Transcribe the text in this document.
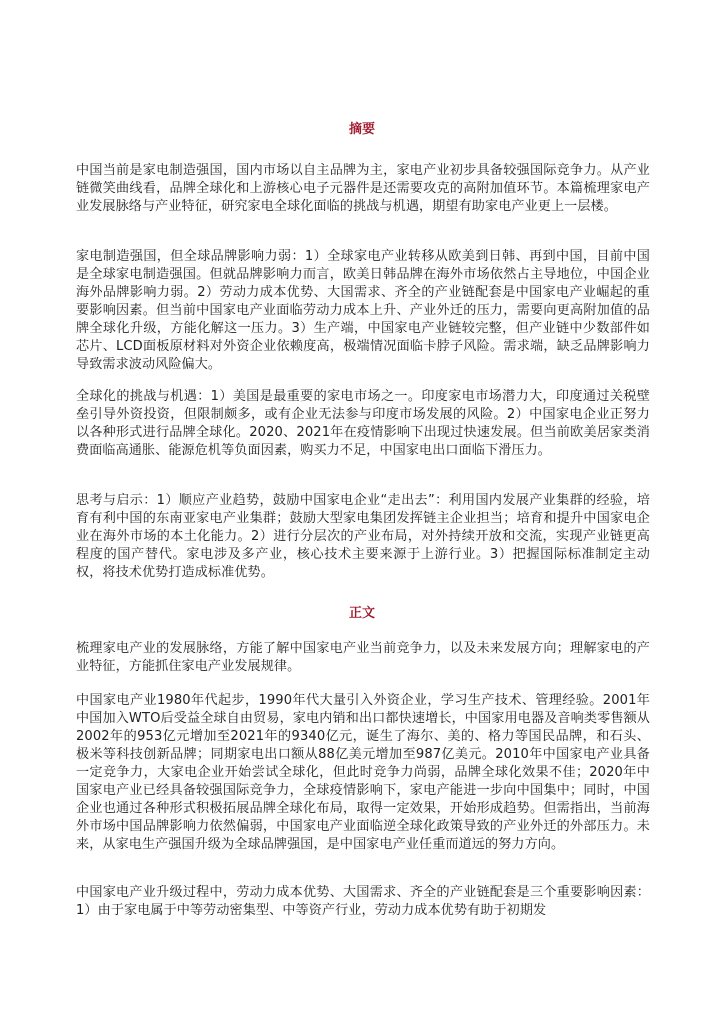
摘要

中国当前是家电制造强国，国内市场以自主品牌为主，家电产业初步具备较强国际竞争力。从产业链微笑曲线看，品牌全球化和上游核心电子元器件是还需要攻克的高附加值环节。本篇梳理家电产业发展脉络与产业特征，研究家电全球化面临的挑战与机遇，期望有助家电产业更上一层楼。

家电制造强国，但全球品牌影响力弱：1）全球家电产业转移从欧美到日韩、再到中国，目前中国是全球家电制造强国。但就品牌影响力而言，欧美日韩品牌在海外市场依然占主导地位，中国企业海外品牌影响力弱。2）劳动力成本优势、大国需求、齐全的产业链配套是中国家电产业崛起的重要影响因素。但当前中国家电产业面临劳动力成本上升、产业外迁的压力，需要向更高附加值的品牌全球化升级，方能化解这一压力。3）生产端，中国家电产业链较完整，但产业链中少数部件如芯片、LCD面板原材料对外资企业依赖度高，极端情况面临卡脖子风险。需求端，缺乏品牌影响力导致需求波动风险偏大。

全球化的挑战与机遇：1）美国是最重要的家电市场之一。印度家电市场潜力大，印度通过关税壁垒引导外资投资，但限制颇多，或有企业无法参与印度市场发展的风险。2）中国家电企业正努力以各种形式进行品牌全球化。2020、2021年在疫情影响下出现过快速发展。但当前欧美居家类消费面临高通胀、能源危机等负面因素，购买力不足，中国家电出口面临下滑压力。

思考与启示：1）顺应产业趋势，鼓励中国家电企业“走出去”：利用国内发展产业集群的经验，培育有利中国的东南亚家电产业集群；鼓励大型家电集团发挥链主企业担当；培育和提升中国家电企业在海外市场的本土化能力。2）进行分层次的产业布局，对外持续开放和交流，实现产业链更高程度的国产替代。家电涉及多产业，核心技术主要来源于上游行业。3）把握国际标准制定主动权，将技术优势打造成标准优势。

正文

梳理家电产业的发展脉络，方能了解中国家电产业当前竞争力，以及未来发展方向；理解家电的产业特征，方能抓住家电产业发展规律。

中国家电产业1980年代起步，1990年代大量引入外资企业，学习生产技术、管理经验。2001年中国加入WTO后受益全球自由贸易，家电内销和出口都快速增长，中国家用电器及音响类零售额从2002年的953亿元增加至2021年的9340亿元，诞生了海尔、美的、格力等国民品牌，和石头、极米等科技创新品牌；同期家电出口额从88亿美元增加至987亿美元。2010年中国家电产业具备一定竞争力，大家电企业开始尝试全球化，但此时竞争力尚弱，品牌全球化效果不佳；2020年中国家电产业已经具备较强国际竞争力，全球疫情影响下，家电产能进一步向中国集中；同时，中国企业也通过各种形式积极拓展品牌全球化布局，取得一定效果，开始形成趋势。但需指出，当前海外市场中国品牌影响力依然偏弱，中国家电产业面临逆全球化政策导致的产业外迁的外部压力。未来，从家电生产强国升级为全球品牌强国，是中国家电产业任重而道远的努力方向。

中国家电产业升级过程中，劳动力成本优势、大国需求、齐全的产业链配套是三个重要影响因素：1）由于家电属于中等劳动密集型、中等资产行业，劳动力成本优势有助于初期发
